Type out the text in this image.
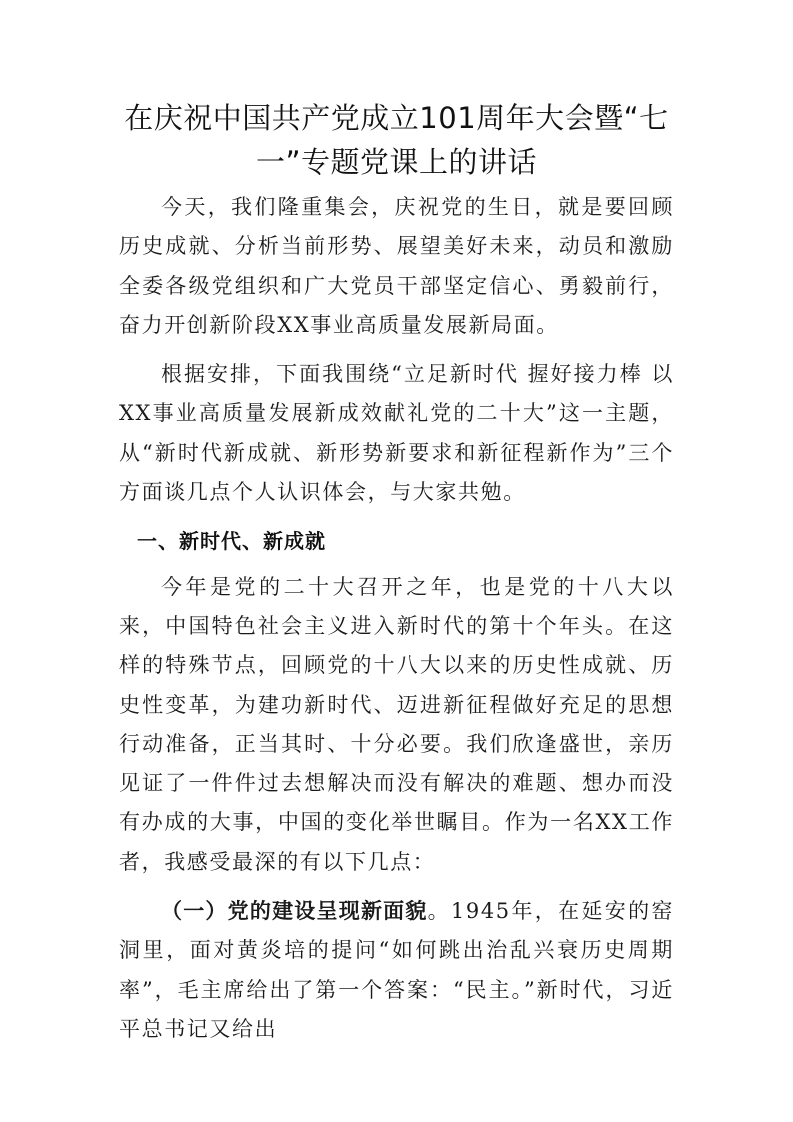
在庆祝中国共产党成立101周年大会暨“七一”专题党课上的讲话

今天，我们隆重集会，庆祝党的生日，就是要回顾历史成就、分析当前形势、展望美好未来，动员和激励全委各级党组织和广大党员干部坚定信心、勇毅前行，奋力开创新阶段XX事业高质量发展新局面。

根据安排，下面我围绕“立足新时代 握好接力棒 以XX事业高质量发展新成效献礼党的二十大”这一主题，从“新时代新成就、新形势新要求和新征程新作为”三个方面谈几点个人认识体会，与大家共勉。

一、新时代、新成就

今年是党的二十大召开之年，也是党的十八大以来，中国特色社会主义进入新时代的第十个年头。在这样的特殊节点，回顾党的十八大以来的历史性成就、历史性变革，为建功新时代、迈进新征程做好充足的思想行动准备，正当其时、十分必要。我们欣逢盛世，亲历见证了一件件过去想解决而没有解决的难题、想办而没有办成的大事，中国的变化举世瞩目。作为一名XX工作者，我感受最深的有以下几点：

（一）党的建设呈现新面貌。1945年，在延安的窑洞里，面对黄炎培的提问“如何跳出治乱兴衰历史周期率”，毛主席给出了第一个答案：“民主。”新时代，习近平总书记又给出
